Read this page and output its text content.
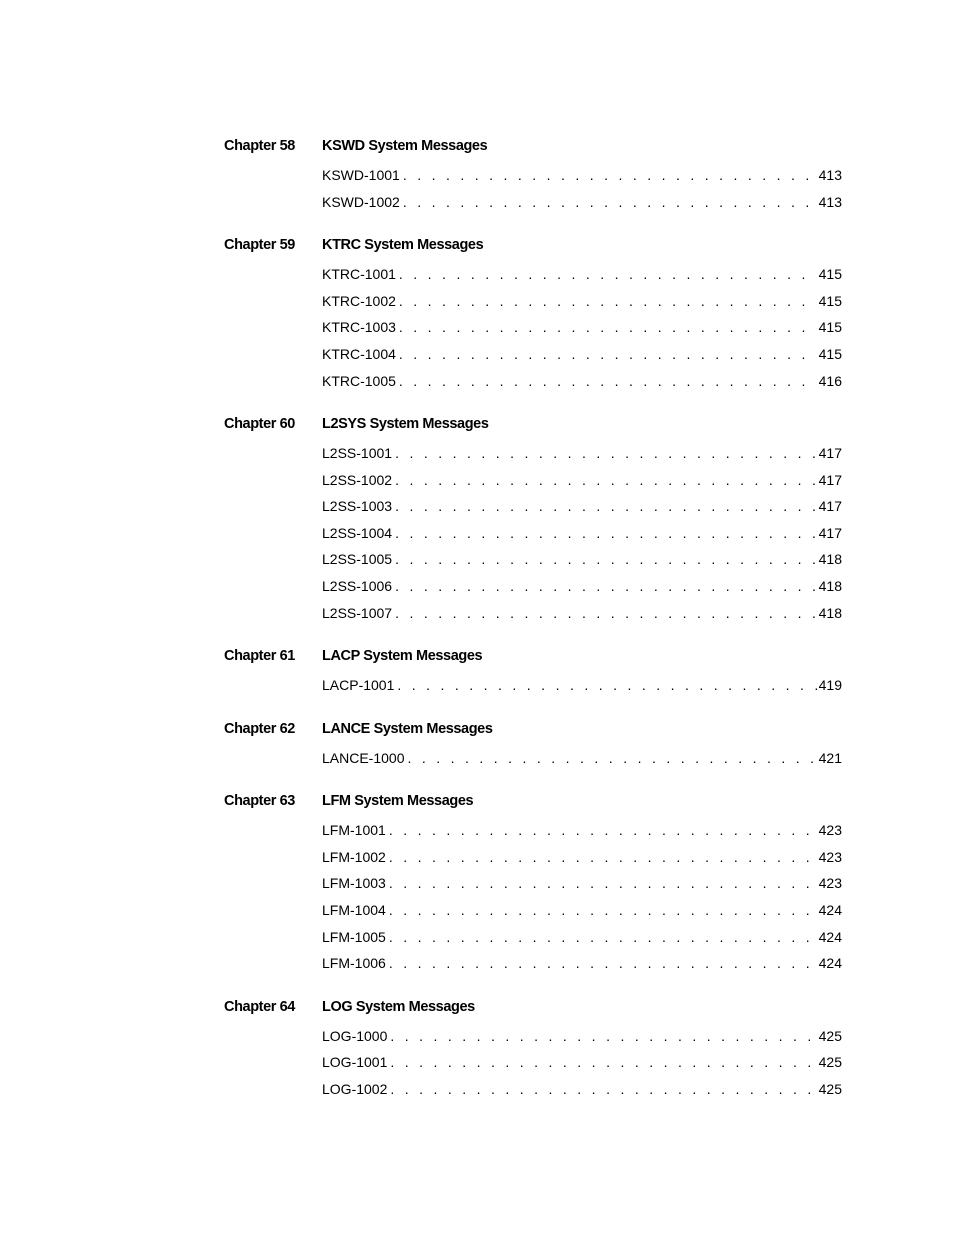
Chapter 58 KSWD System Messages
KSWD-1001 . . .	413
KSWD-1002 . . .	413
Chapter 59 KTRC System Messages
KTRC-1001 . . .	415
KTRC-1002 . . .	415
KTRC-1003 . . .	415
KTRC-1004 . . .	415
KTRC-1005 . . .	416
Chapter 60 L2SYS System Messages
L2SS-1001 . . .	417
L2SS-1002 . . .	417
L2SS-1003 . . .	417
L2SS-1004 . . .	417
L2SS-1005 . . .	418
L2SS-1006 . . .	418
L2SS-1007 . . .	418
Chapter 61 LACP System Messages
LACP-1001 . . .	419
Chapter 62 LANCE System Messages
LANCE-1000 . . .	421
Chapter 63 LFM System Messages
LFM-1001 . . .	423
LFM-1002 . . .	423
LFM-1003 . . .	423
LFM-1004 . . .	424
LFM-1005 . . .	424
LFM-1006 . . .	424
Chapter 64 LOG System Messages
LOG-1000 . . .	425
LOG-1001 . . .	425
LOG-1002 . . .	425
